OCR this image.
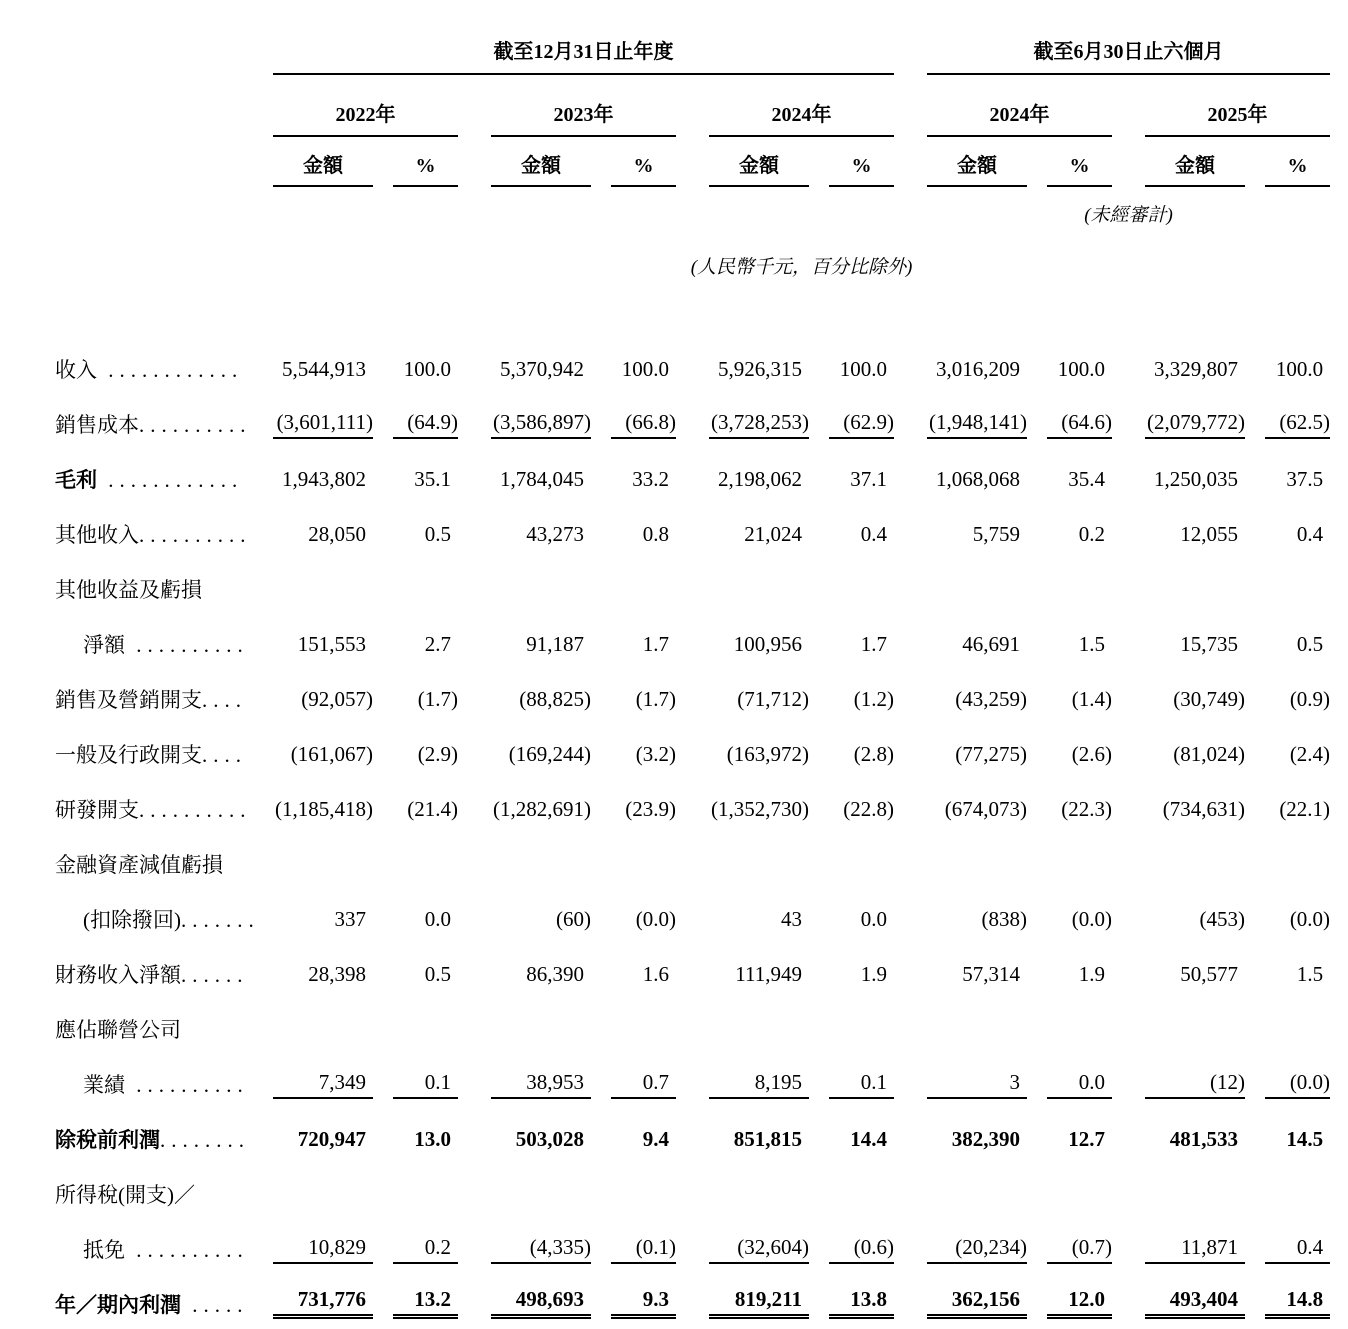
	截至12月31日止年度												截至6月30日止六個月						
	2022年				2023年				2024年				2024年				2025年		

	金額		%		金額		%		金額		%		金額		%		金額		%

													(未經審計)						
	(人民幣千元，百分比除外)																		

收入 ............	5,544,913		100.0		5,370,942		100.0		5,926,315		100.0		3,016,209		100.0		3,329,807		100.0

銷售成本..........	(3,601,111)		(64.9)		(3,586,897)		(66.8)		(3,728,253)		(62.9)		(1,948,141)		(64.6)		(2,079,772)		(62.5)

毛利 ............	1,943,802		35.1		1,784,045		33.2		2,198,062		37.1		1,068,068		35.4		1,250,035		37.5

其他收入..........	28,050		0.5		43,273		0.8		21,024		0.4		5,759		0.2		12,055		0.4

其他收益及虧損																			
淨額 ..........	151,553		2.7		91,187		1.7		100,956		1.7		46,691		1.5		15,735		0.5

銷售及營銷開支....	(92,057)		(1.7)		(88,825)		(1.7)		(71,712)		(1.2)		(43,259)		(1.4)		(30,749)		(0.9)

一般及行政開支....	(161,067)		(2.9)		(169,244)		(3.2)		(163,972)		(2.8)		(77,275)		(2.6)		(81,024)		(2.4)

研發開支..........	(1,185,418)		(21.4)		(1,282,691)		(23.9)		(1,352,730)		(22.8)		(674,073)		(22.3)		(734,631)		(22.1)

金融資產減值虧損																			
(扣除撥回).......	337		0.0		(60)		(0.0)		43		0.0		(838)		(0.0)		(453)		(0.0)

財務收入淨額......	28,398		0.5		86,390		1.6		111,949		1.9		57,314		1.9		50,577		1.5

應佔聯營公司																			
業績 ..........	7,349		0.1		38,953		0.7		8,195		0.1		3		0.0		(12)		(0.0)

除稅前利潤........	720,947		13.0		503,028		9.4		851,815		14.4		382,390		12.7		481,533		14.5

所得稅(開支)／																			
抵免 ..........	10,829		0.2		(4,335)		(0.1)		(32,604)		(0.6)		(20,234)		(0.7)		11,871		0.4

年／期內利潤 .....	731,776		13.2		498,693		9.3		819,211		13.8		362,156		12.0		493,404		14.8
